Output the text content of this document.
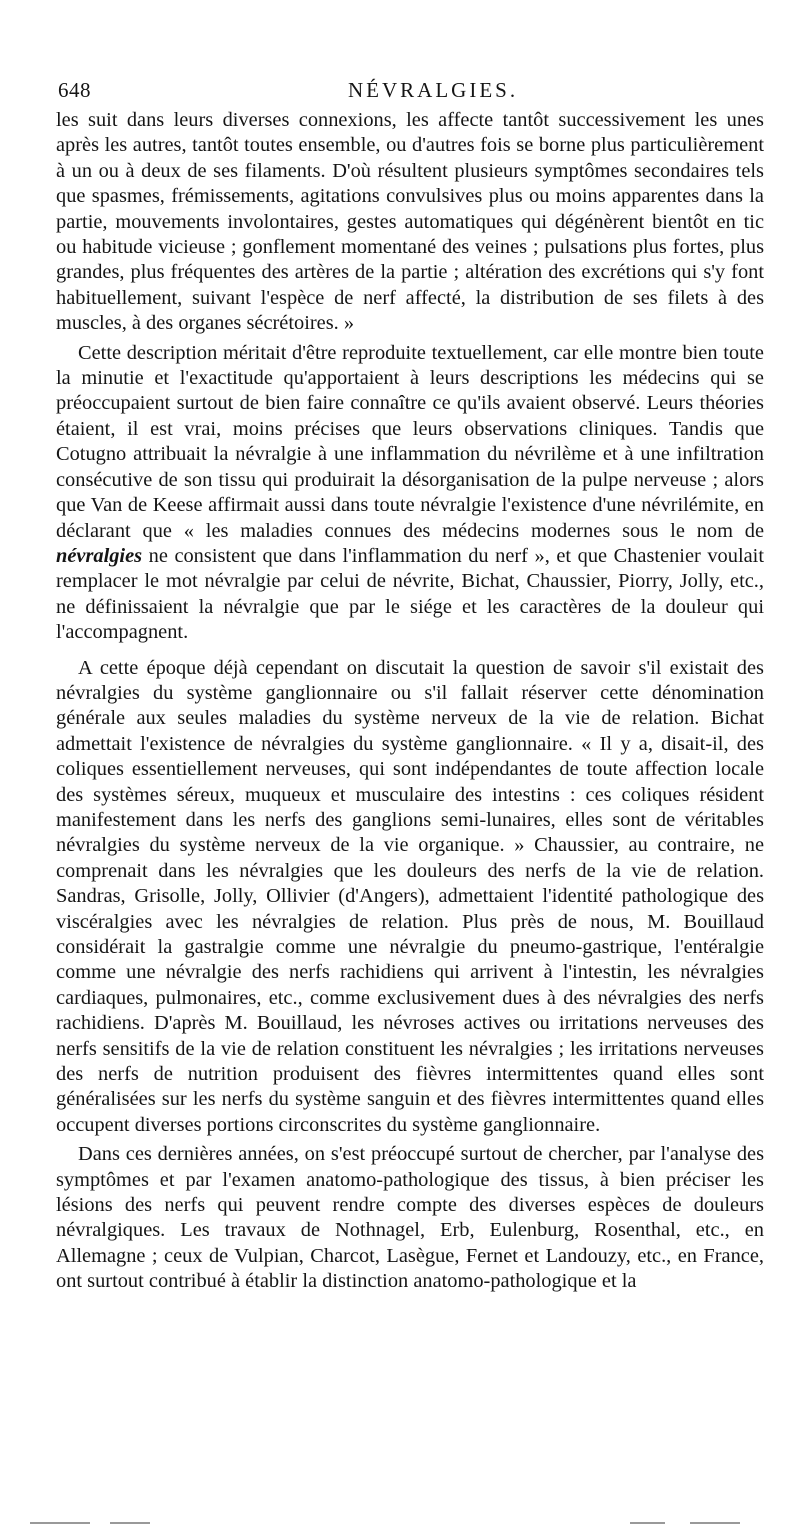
648	NÉVRALGIES.

les suit dans leurs diverses connexions, les affecte tantôt successivement les unes après les autres, tantôt toutes ensemble, ou d'autres fois se borne plus particulièrement à un ou à deux de ses filaments. D'où résultent plusieurs symptômes secondaires tels que spasmes, frémissements, agitations convulsives plus ou moins apparentes dans la partie, mouvements involontaires, gestes automatiques qui dégénèrent bientôt en tic ou habitude vicieuse ; gonflement momentané des veines ; pulsations plus fortes, plus grandes, plus fréquentes des artères de la partie ; altération des excrétions qui s'y font habituellement, suivant l'espèce de nerf affecté, la distribution de ses filets à des muscles, à des organes sécrétoires. »

Cette description méritait d'être reproduite textuellement, car elle montre bien toute la minutie et l'exactitude qu'apportaient à leurs descriptions les médecins qui se préoccupaient surtout de bien faire connaître ce qu'ils avaient observé. Leurs théories étaient, il est vrai, moins précises que leurs observations cliniques. Tandis que Cotugno attribuait la névralgie à une inflammation du névrilème et à une infiltration consécutive de son tissu qui produirait la désorganisation de la pulpe nerveuse ; alors que Van de Keese affirmait aussi dans toute névralgie l'existence d'une névrilémite, en déclarant que « les maladies connues des médecins modernes sous le nom de névralgies ne consistent que dans l'inflammation du nerf », et que Chastenier voulait remplacer le mot névralgie par celui de névrite, Bichat, Chaussier, Piorry, Jolly, etc., ne définissaient la névralgie que par le siége et les caractères de la douleur qui l'accompagnent.

A cette époque déjà cependant on discutait la question de savoir s'il existait des névralgies du système ganglionnaire ou s'il fallait réserver cette dénomination générale aux seules maladies du système nerveux de la vie de relation. Bichat admettait l'existence de névralgies du système ganglionnaire. « Il y a, disait-il, des coliques essentiellement nerveuses, qui sont indépendantes de toute affection locale des systèmes séreux, muqueux et musculaire des intestins : ces coliques résident manifestement dans les nerfs des ganglions semi-lunaires, elles sont de véritables névralgies du système nerveux de la vie organique. » Chaussier, au contraire, ne comprenait dans les névralgies que les douleurs des nerfs de la vie de relation. Sandras, Grisolle, Jolly, Ollivier (d'Angers), admettaient l'identité pathologique des viscéralgies avec les névralgies de relation. Plus près de nous, M. Bouillaud considérait la gastralgie comme une névralgie du pneumo-gastrique, l'entéralgie comme une névralgie des nerfs rachidiens qui arrivent à l'intestin, les névralgies cardiaques, pulmonaires, etc., comme exclusivement dues à des névralgies des nerfs rachidiens. D'après M. Bouillaud, les névroses actives ou irritations nerveuses des nerfs sensitifs de la vie de relation constituent les névralgies ; les irritations nerveuses des nerfs de nutrition produisent des fièvres intermittentes quand elles sont généralisées sur les nerfs du système sanguin et des fièvres intermittentes quand elles occupent diverses portions circonscrites du système ganglionnaire.

Dans ces dernières années, on s'est préoccupé surtout de chercher, par l'analyse des symptômes et par l'examen anatomo-pathologique des tissus, à bien préciser les lésions des nerfs qui peuvent rendre compte des diverses espèces de douleurs névralgiques. Les travaux de Nothnagel, Erb, Eulenburg, Rosenthal, etc., en Allemagne ; ceux de Vulpian, Charcot, Lasègue, Fernet et Landouzy, etc., en France, ont surtout contribué à établir la distinction anatomo-pathologique et la
